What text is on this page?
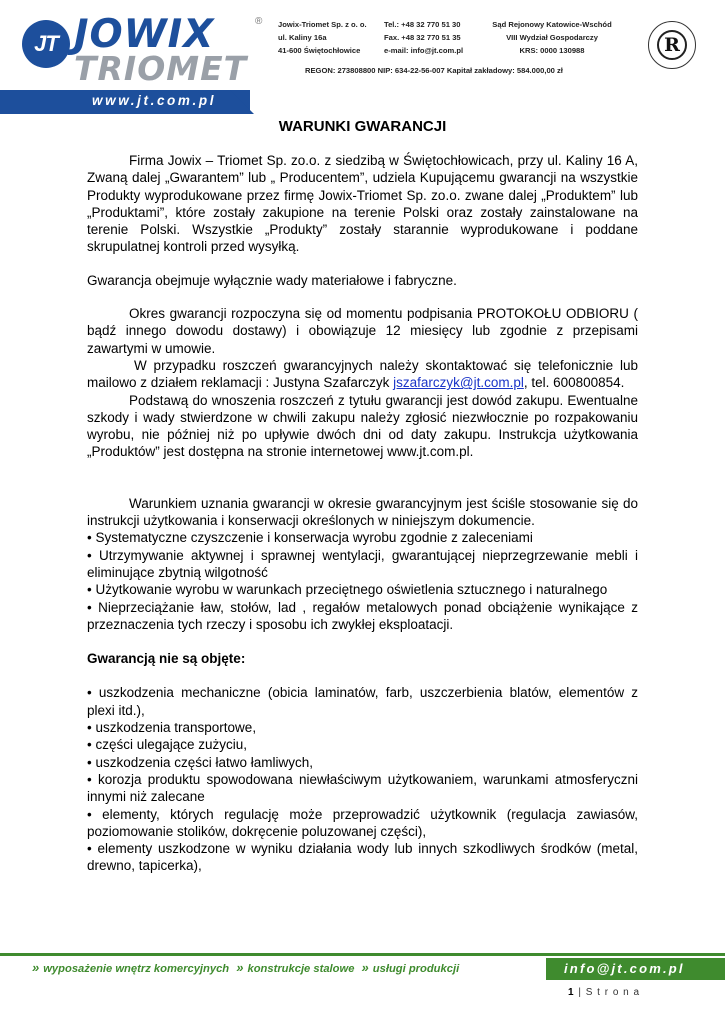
JT JOWIX
TRIOMET
® Jowix-Triomet Sp. z o. o.
ul. Kaliny 16a
41-600 Świętochłowice
Tel.: +48 32 770 51 30
Fax. +48 32 770 51 35
e-mail: info@jt.com.pl
Sąd Rejonowy Katowice-Wschód
VIII Wydział Gospodarczy
KRS: 0000 130988
REGON: 273808800 NIP: 634-22-56-007 Kapitał zakładowy: 584.000,00 zł
R
www.jt.com.pl
WARUNKI GWARANCJI

Firma Jowix – Triomet Sp. zo.o. z siedzibą w Świętochłowicach, przy ul. Kaliny 16 A, Zwaną dalej „Gwarantem” lub „ Producentem”, udziela Kupującemu gwarancji na wszystkie Produkty wyprodukowane przez firmę Jowix-Triomet Sp. zo.o. zwane dalej „Produktem” lub „Produktami”, które zostały zakupione na terenie Polski oraz zostały zainstalowane na terenie Polski. Wszystkie „Produkty” zostały starannie wyprodukowane i poddane skrupulatnej kontroli przed wysyłką.

Gwarancja obejmuje wyłącznie wady materiałowe i fabryczne.

Okres gwarancji rozpoczyna się od momentu podpisania PROTOKOŁU ODBIORU ( bądź innego dowodu dostawy) i obowiązuje 12 miesięcy lub zgodnie z przepisami zawartymi w umowie.

W przypadku roszczeń gwarancyjnych należy skontaktować się telefonicznie lub mailowo z działem reklamacji : Justyna Szafarczyk jszafarczyk@jt.com.pl, tel. 600800854.

Podstawą do wnoszenia roszczeń z tytułu gwarancji jest dowód zakupu. Ewentualne szkody i wady stwierdzone w chwili zakupu należy zgłosić niezwłocznie po rozpakowaniu wyrobu, nie później niż po upływie dwóch dni od daty zakupu. Instrukcja użytkowania „Produktów” jest dostępna na stronie internetowej www.jt.com.pl.

Warunkiem uznania gwarancji w okresie gwarancyjnym jest ściśle stosowanie się do instrukcji użytkowania i konserwacji określonych w niniejszym dokumencie.

• Systematyczne czyszczenie i konserwacja wyrobu zgodnie z zaleceniami

• Utrzymywanie aktywnej i sprawnej wentylacji, gwarantującej nieprzegrzewanie mebli i eliminujące zbytnią wilgotność

• Użytkowanie wyrobu w warunkach przeciętnego oświetlenia sztucznego i naturalnego

• Nieprzeciążanie ław, stołów, lad , regałów metalowych ponad obciążenie wynikające z przeznaczenia tych rzeczy i sposobu ich zwykłej eksploatacji.

Gwarancją nie są objęte:

• uszkodzenia mechaniczne (obicia laminatów, farb, uszczerbienia blatów, elementów z plexi itd.),

• uszkodzenia transportowe,

• części ulegające zużyciu,

• uszkodzenia części łatwo łamliwych,

• korozja produktu spowodowana niewłaściwym użytkowaniem, warunkami atmosferyczni innymi niż zalecane

• elementy, których regulację może przeprowadzić użytkownik (regulacja zawiasów, poziomowanie stolików, dokręcenie poluzowanej części),

• elementy uszkodzone w wyniku działania wody lub innych szkodliwych środków (metal, drewno, tapicerka),

» wyposażenie wnętrz komercyjnych » konstrukcje stalowe » usługi produkcji	info@jt.com.pl
1 | S t r o n a
